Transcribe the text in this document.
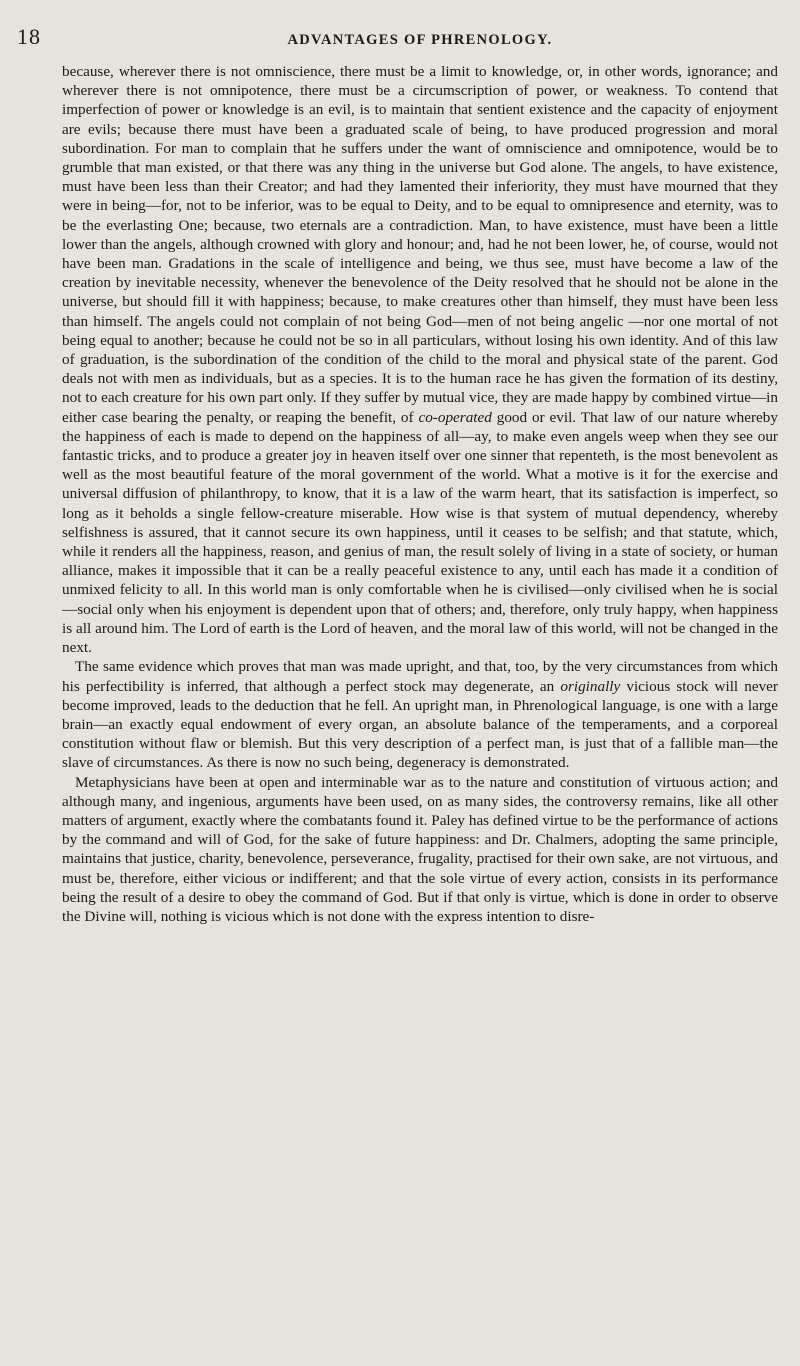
18	ADVANTAGES OF PHRENOLOGY.

because, wherever there is not omniscience, there must be a limit to knowledge, or, in other words, ignorance; and wherever there is not omnipotence, there must be a circumscription of power, or weakness. To contend that imperfection of power or knowledge is an evil, is to maintain that sentient existence and the capacity of enjoyment are evils; because there must have been a graduated scale of being, to have produced progression and moral subordination. For man to complain that he suffers under the want of omniscience and omnipotence, would be to grumble that man existed, or that there was any thing in the universe but God alone. The angels, to have existence, must have been less than their Creator; and had they lamented their inferiority, they must have mourned that they were in being—for, not to be inferior, was to be equal to Deity, and to be equal to omnipresence and eternity, was to be the everlasting One; because, two eternals are a contradiction. Man, to have existence, must have been a little lower than the angels, although crowned with glory and honour; and, had he not been lower, he, of course, would not have been man. Gradations in the scale of intelligence and being, we thus see, must have become a law of the creation by inevitable necessity, whenever the benevolence of the Deity resolved that he should not be alone in the universe, but should fill it with happiness; because, to make creatures other than himself, they must have been less than himself. The angels could not complain of not being God—men of not being angelic —nor one mortal of not being equal to another; because he could not be so in all particulars, without losing his own identity. And of this law of graduation, is the subordination of the condition of the child to the moral and physical state of the parent. God deals not with men as individuals, but as a species. It is to the human race he has given the formation of its destiny, not to each creature for his own part only. If they suffer by mutual vice, they are made happy by combined virtue—in either case bearing the penalty, or reaping the benefit, of co-operated good or evil. That law of our nature whereby the happiness of each is made to depend on the happiness of all—ay, to make even angels weep when they see our fantastic tricks, and to produce a greater joy in heaven itself over one sinner that repenteth, is the most benevolent as well as the most beautiful feature of the moral government of the world. What a motive is it for the exercise and universal diffusion of philanthropy, to know, that it is a law of the warm heart, that its satisfaction is imperfect, so long as it beholds a single fellow-creature miserable. How wise is that system of mutual dependency, whereby selfishness is assured, that it cannot secure its own happiness, until it ceases to be selfish; and that statute, which, while it renders all the happiness, reason, and genius of man, the result solely of living in a state of society, or human alliance, makes it impossible that it can be a really peaceful existence to any, until each has made it a condition of unmixed felicity to all. In this world man is only comfortable when he is civilised—only civilised when he is social—social only when his enjoyment is dependent upon that of others; and, therefore, only truly happy, when happiness is all around him. The Lord of earth is the Lord of heaven, and the moral law of this world, will not be changed in the next.

The same evidence which proves that man was made upright, and that, too, by the very circumstances from which his perfectibility is inferred, that although a perfect stock may degenerate, an originally vicious stock will never become improved, leads to the deduction that he fell. An upright man, in Phrenological language, is one with a large brain—an exactly equal endowment of every organ, an absolute balance of the temperaments, and a corporeal constitution without flaw or blemish. But this very description of a perfect man, is just that of a fallible man—the slave of circumstances. As there is now no such being, degeneracy is demonstrated.

Metaphysicians have been at open and interminable war as to the nature and constitution of virtuous action; and although many, and ingenious, arguments have been used, on as many sides, the controversy remains, like all other matters of argument, exactly where the combatants found it. Paley has defined virtue to be the performance of actions by the command and will of God, for the sake of future happiness: and Dr. Chalmers, adopting the same principle, maintains that justice, charity, benevolence, perseverance, frugality, practised for their own sake, are not virtuous, and must be, therefore, either vicious or indifferent; and that the sole virtue of every action, consists in its performance being the result of a desire to obey the command of God. But if that only is virtue, which is done in order to observe the Divine will, nothing is vicious which is not done with the express intention to disre-
